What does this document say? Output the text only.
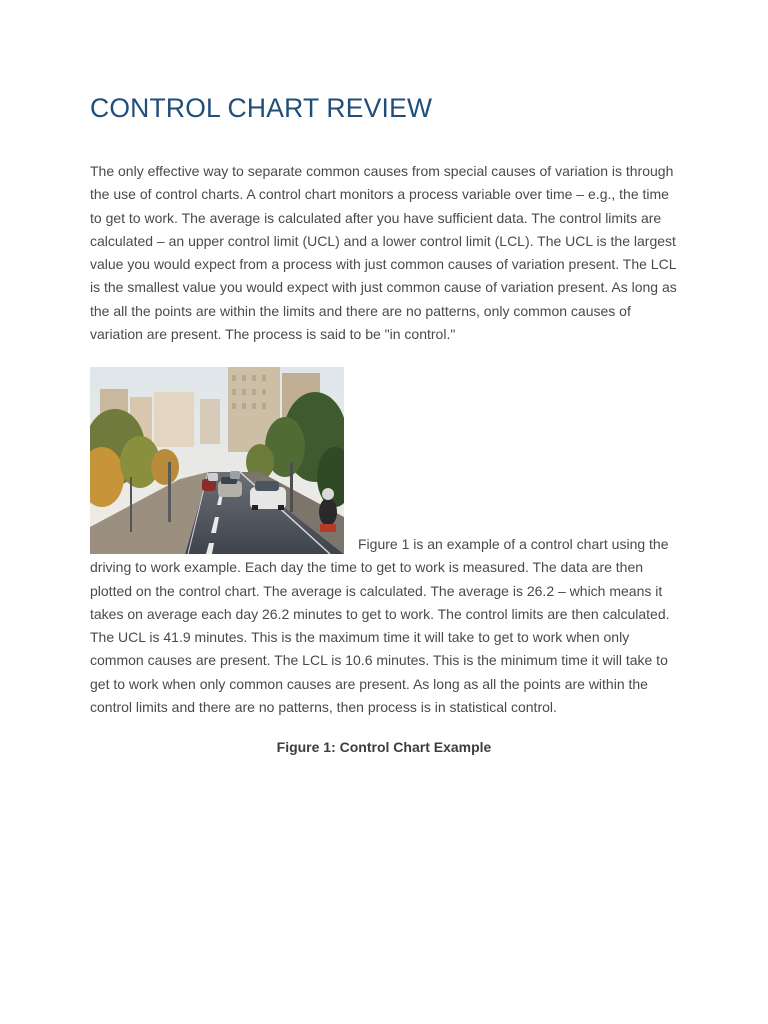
CONTROL CHART REVIEW

The only effective way to separate common causes from special causes of variation is through the use of control charts. A control chart monitors a process variable over time – e.g., the time to get to work. The average is calculated after you have sufficient data. The control limits are calculated – an upper control limit (UCL) and a lower control limit (LCL). The UCL is the largest value you would expect from a process with just common causes of variation present. The LCL is the smallest value you would expect with just common cause of variation present. As long as the all the points are within the limits and there are no patterns, only common causes of variation are present. The process is said to be "in control."

Figure 1 is an example of a control chart using the driving to work example. Each day the time to get to work is measured. The data are then plotted on the control chart. The average is calculated. The average is 26.2 – which means it takes on average each day 26.2 minutes to get to work. The control limits are then calculated. The UCL is 41.9 minutes. This is the maximum time it will take to get to work when only common causes are present. The LCL is 10.6 minutes. This is the minimum time it will take to get to work when only common causes are present. As long as all the points are within the control limits and there are no patterns, then process is in statistical control.

Figure 1: Control Chart Example
